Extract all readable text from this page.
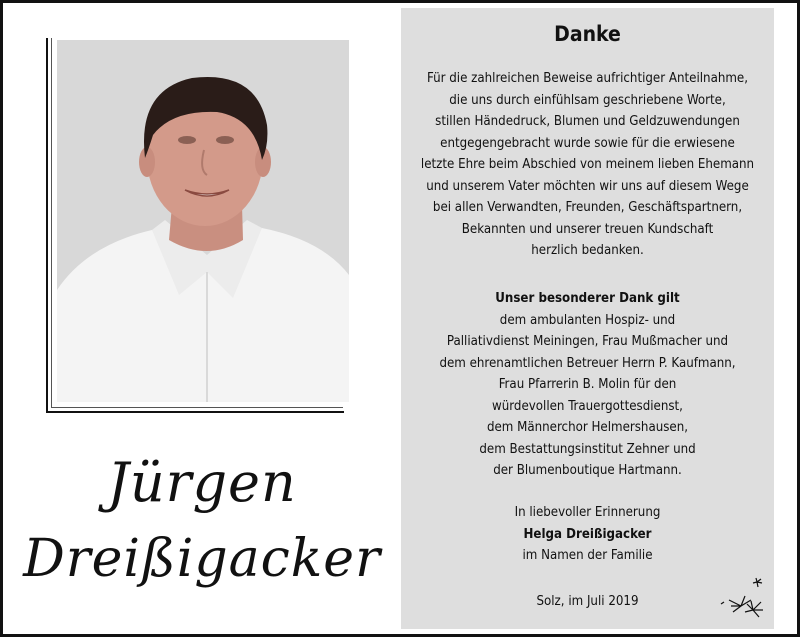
Jürgen
Dreißigacker
Danke
Für die zahlreichen Beweise aufrichtiger Anteilnahme,
die uns durch einfühlsam geschriebene Worte,
stillen Händedruck, Blumen und Geldzuwendungen
entgegengebracht wurde sowie für die erwiesene
letzte Ehre beim Abschied von meinem lieben Ehemann
und unserem Vater möchten wir uns auf diesem Wege
bei allen Verwandten, Freunden, Geschäftspartnern,
Bekannten und unserer treuen Kundschaft
herzlich bedanken.
Unser besonderer Dank gilt
dem ambulanten Hospiz- und
Palliativdienst Meiningen, Frau Mußmacher und
dem ehrenamtlichen Betreuer Herrn P. Kaufmann,
Frau Pfarrerin B. Molin für den
würdevollen Trauergottesdienst,
dem Männerchor Helmershausen,
dem Bestattungsinstitut Zehner und
der Blumenboutique Hartmann.
In liebevoller Erinnerung
Helga Dreißigacker
im Namen der Familie
Solz, im Juli 2019
